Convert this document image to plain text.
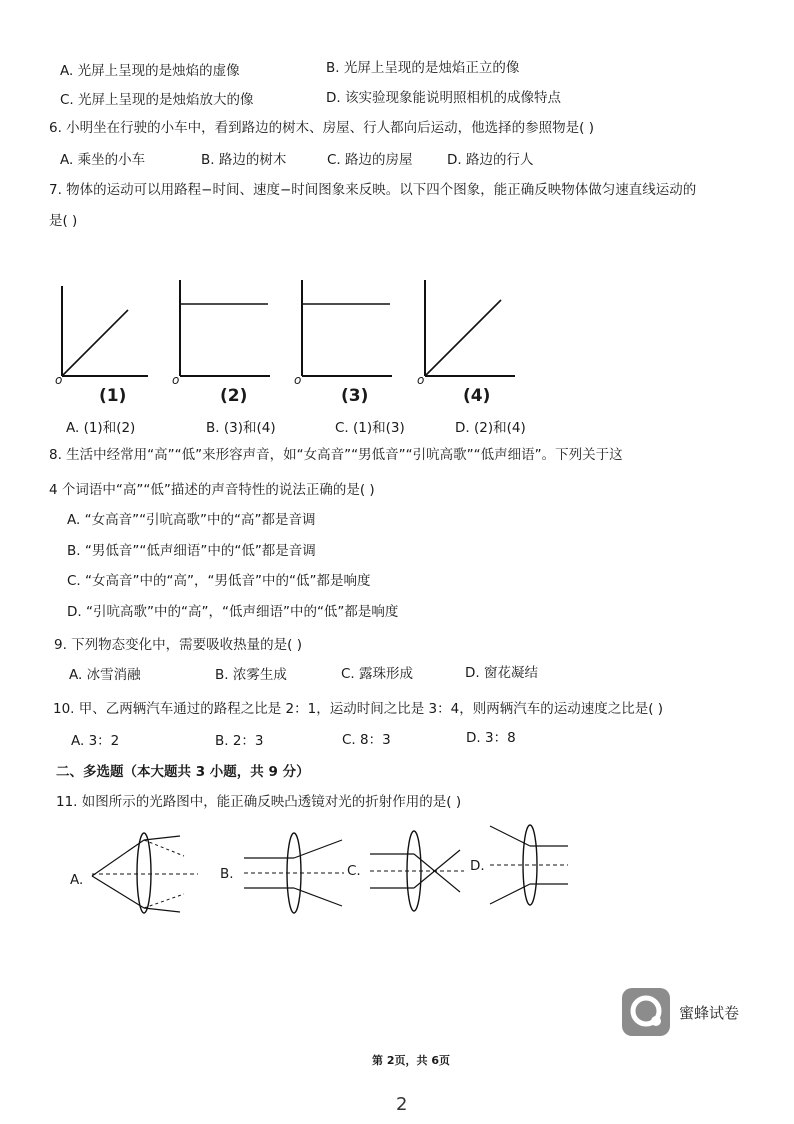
A. 光屏上呈现的是烛焰的虚像	B. 光屏上呈现的是烛焰正立的像
C. 光屏上呈现的是烛焰放大的像	D. 该实验现象能说明照相机的成像特点
6. 小明坐在行驶的小车中，看到路边的树木、房屋、行人都向后运动，他选择的参照物是( )
A. 乘坐的小车	B. 路边的树木	C. 路边的房屋	D. 路边的行人
7. 物体的运动可以用路程−时间、速度−时间图象来反映。以下四个图象，能正确反映物体做匀速直线运动的
是( )
o
(1)
o
(2)
o
(3)
o
(4)
A. (1)和(2)	B. (3)和(4)	C. (1)和(3)	D. (2)和(4)
8. 生活中经常用“高”“低”来形容声音，如“女高音”“男低音”“引吭高歌”“低声细语”。下列关于这
4 个词语中“高”“低”描述的声音特性的说法正确的是( )
A. “女高音”“引吭高歌”中的“高”都是音调
B. “男低音”“低声细语”中的“低”都是音调
C. “女高音”中的“高”，“男低音”中的“低”都是响度
D. “引吭高歌”中的“高”，“低声细语”中的“低”都是响度
9. 下列物态变化中，需要吸收热量的是( )
A. 冰雪消融	B. 浓雾生成	C. 露珠形成	D. 窗花凝结
10. 甲、乙两辆汽车通过的路程之比是 2：1，运动时间之比是 3：4，则两辆汽车的运动速度之比是( )
A. 3：2	B. 2：3	C. 8：3	D. 3：8
二、多选题（本大题共 3 小题，共 9 分）
11. 如图所示的光路图中，能正确反映凸透镜对光的折射作用的是( )
A.	B.	C.	D.
蜜蜂试卷
第 2页，共 6页
2
